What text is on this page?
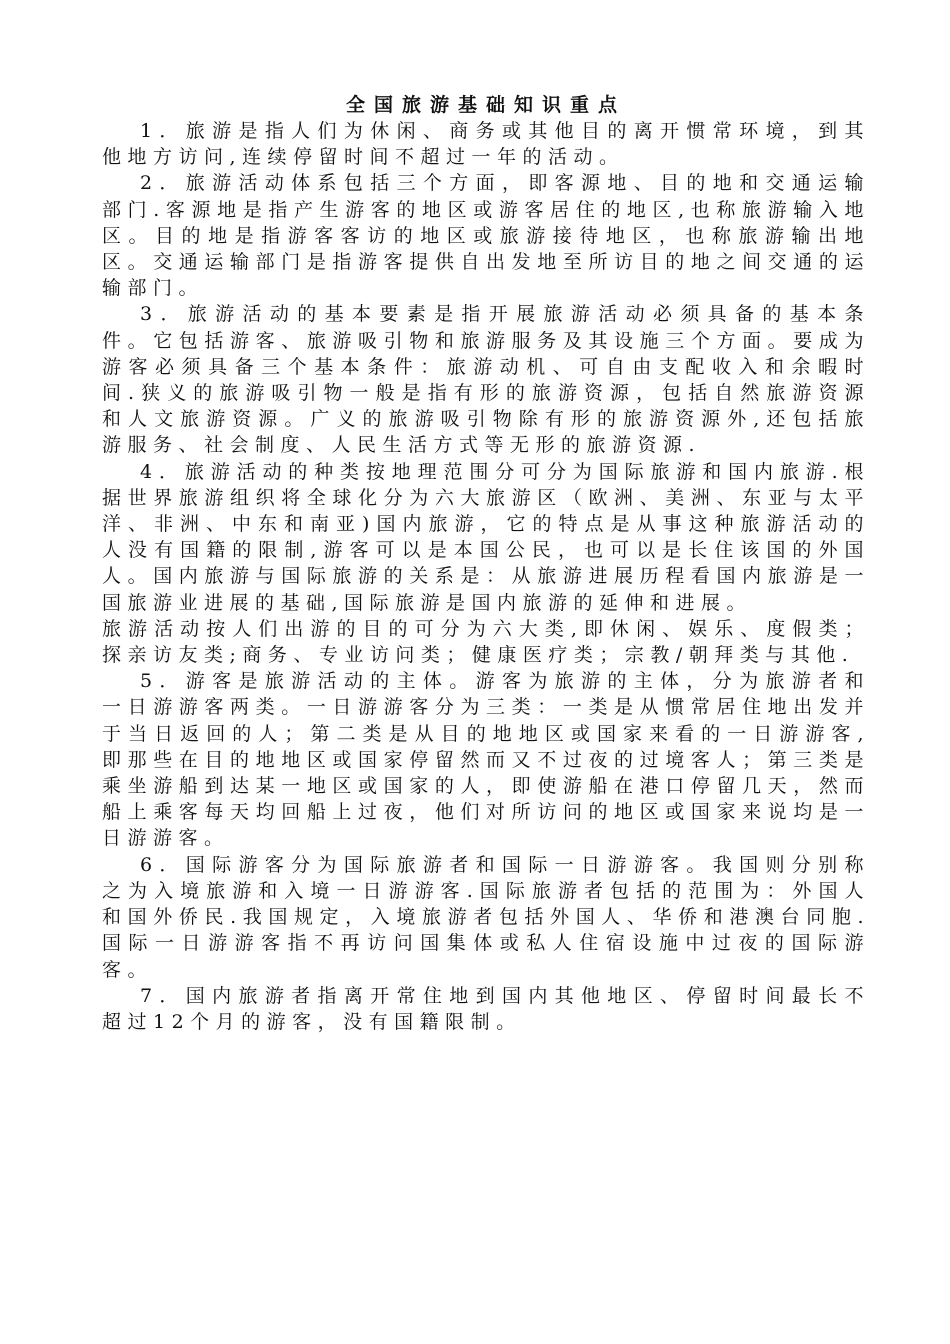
全国旅游基础知识重点

1．旅游是指人们为休闲、商务或其他目的离开惯常环境，到其他地方访问,连续停留时间不超过一年的活动。

2．旅游活动体系包括三个方面，即客源地、目的地和交通运输部门.客源地是指产生游客的地区或游客居住的地区,也称旅游输入地区。目的地是指游客客访的地区或旅游接待地区，也称旅游输出地区。交通运输部门是指游客提供自出发地至所访目的地之间交通的运输部门。

3．旅游活动的基本要素是指开展旅游活动必须具备的基本条件。它包括游客、旅游吸引物和旅游服务及其设施三个方面。要成为游客必须具备三个基本条件：旅游动机、可自由支配收入和余暇时间.狭义的旅游吸引物一般是指有形的旅游资源，包括自然旅游资源和人文旅游资源。广义的旅游吸引物除有形的旅游资源外,还包括旅游服务、社会制度、人民生活方式等无形的旅游资源.

4．旅游活动的种类按地理范围分可分为国际旅游和国内旅游.根据世界旅游组织将全球化分为六大旅游区（欧洲、美洲、东亚与太平洋、非洲、中东和南亚)国内旅游，它的特点是从事这种旅游活动的人没有国籍的限制,游客可以是本国公民，也可以是长住该国的外国人。国内旅游与国际旅游的关系是：从旅游进展历程看国内旅游是一国旅游业进展的基础,国际旅游是国内旅游的延伸和进展。

旅游活动按人们出游的目的可分为六大类,即休闲、娱乐、度假类；探亲访友类;商务、专业访问类；健康医疗类；宗教/朝拜类与其他.

5．游客是旅游活动的主体。游客为旅游的主体，分为旅游者和一日游游客两类。一日游游客分为三类：一类是从惯常居住地出发并于当日返回的人；第二类是从目的地地区或国家来看的一日游游客,即那些在目的地地区或国家停留然而又不过夜的过境客人；第三类是乘坐游船到达某一地区或国家的人，即使游船在港口停留几天，然而船上乘客每天均回船上过夜，他们对所访问的地区或国家来说均是一日游游客。

6．国际游客分为国际旅游者和国际一日游游客。我国则分别称之为入境旅游和入境一日游游客.国际旅游者包括的范围为：外国人和国外侨民.我国规定，入境旅游者包括外国人、华侨和港澳台同胞.国际一日游游客指不再访问国集体或私人住宿设施中过夜的国际游客。

7．国内旅游者指离开常住地到国内其他地区、停留时间最长不超过12个月的游客，没有国籍限制。
